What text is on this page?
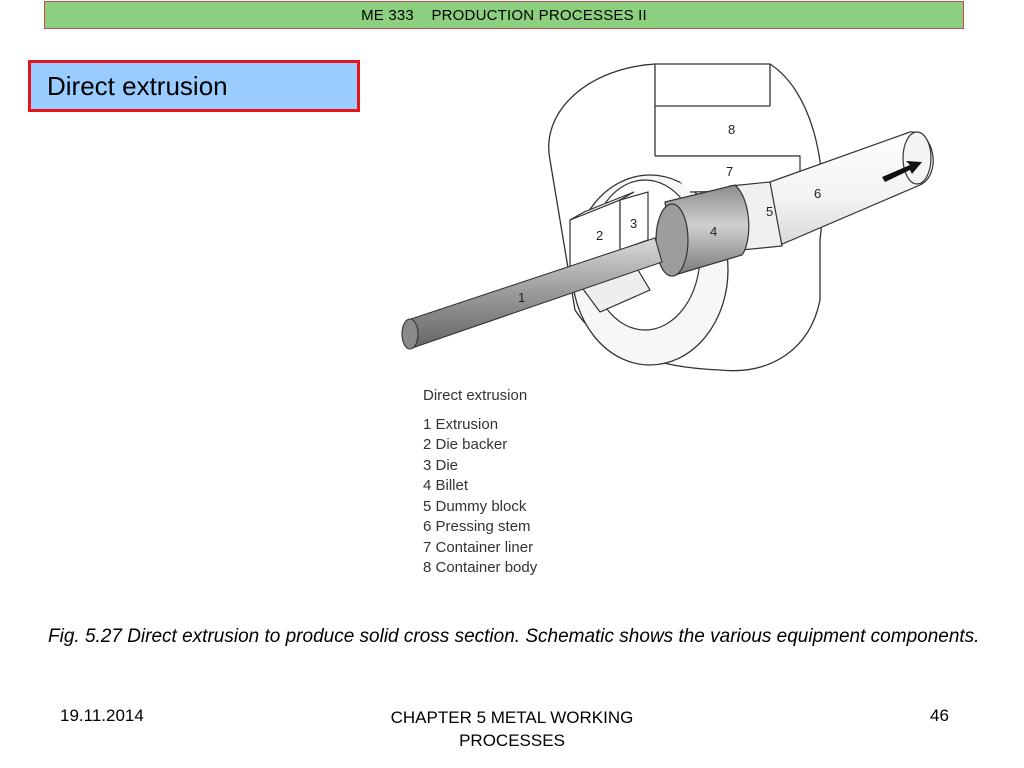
ME 333    PRODUCTION PROCESSES II
Direct extrusion
8
7
6
5
4
3
2
1
Direct extrusion
1 Extrusion
2 Die backer
3 Die
4 Billet
5 Dummy block
6 Pressing stem
7 Container liner
8 Container body
Fig. 5.27 Direct extrusion to produce solid cross section. Schematic shows the various equipment components.
19.11.2014	CHAPTER 5 METAL WORKING PROCESSES
46
